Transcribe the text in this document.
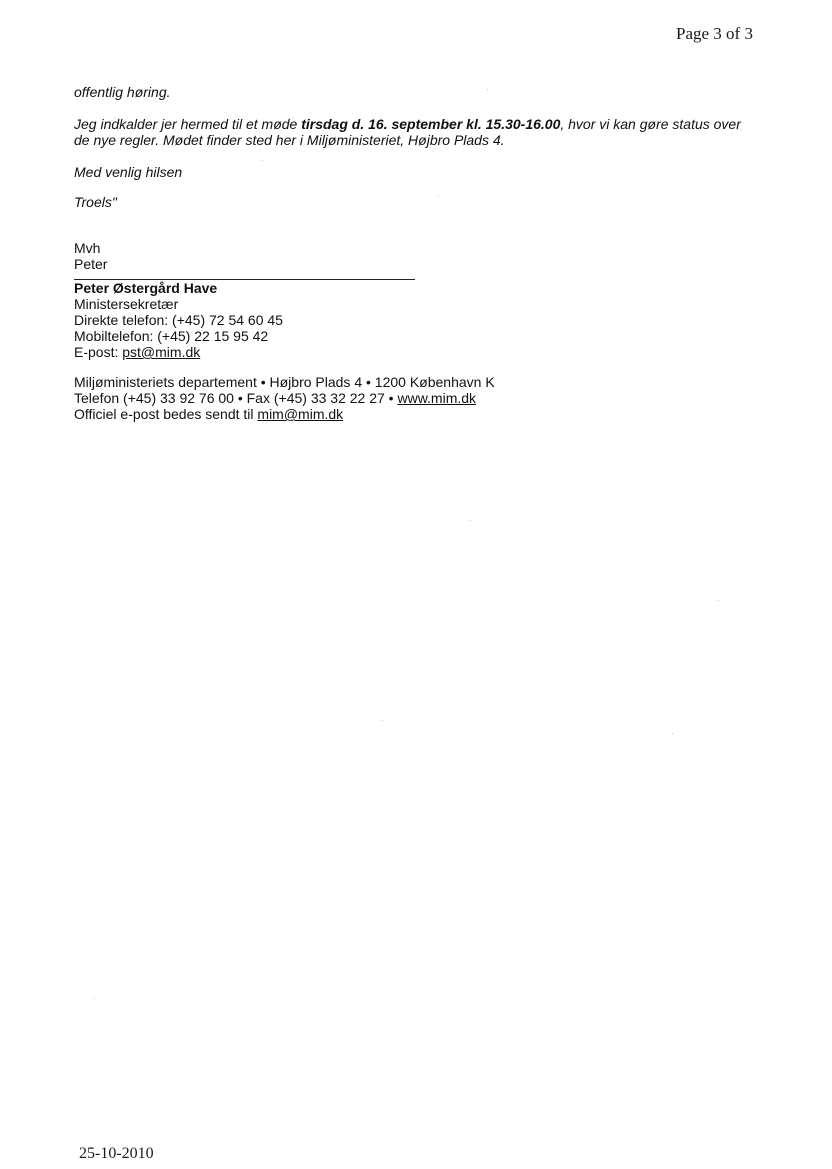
Page 3 of 3
offentlig høring.
Jeg indkalder jer hermed til et møde tirsdag d. 16. september kl. 15.30-16.00, hvor vi kan gøre status over
de nye regler. Mødet finder sted her i Miljøministeriet, Højbro Plads 4.
Med venlig hilsen
Troels"
Mvh
Peter
Peter Østergård Have
Ministersekretær
Direkte telefon: (+45) 72 54 60 45
Mobiltelefon: (+45) 22 15 95 42
E-post: pst@mim.dk
Miljøministeriets departement • Højbro Plads 4 • 1200 København K
Telefon (+45) 33 92 76 00 • Fax (+45) 33 32 22 27 • www.mim.dk
Officiel e-post bedes sendt til mim@mim.dk
25-10-2010
